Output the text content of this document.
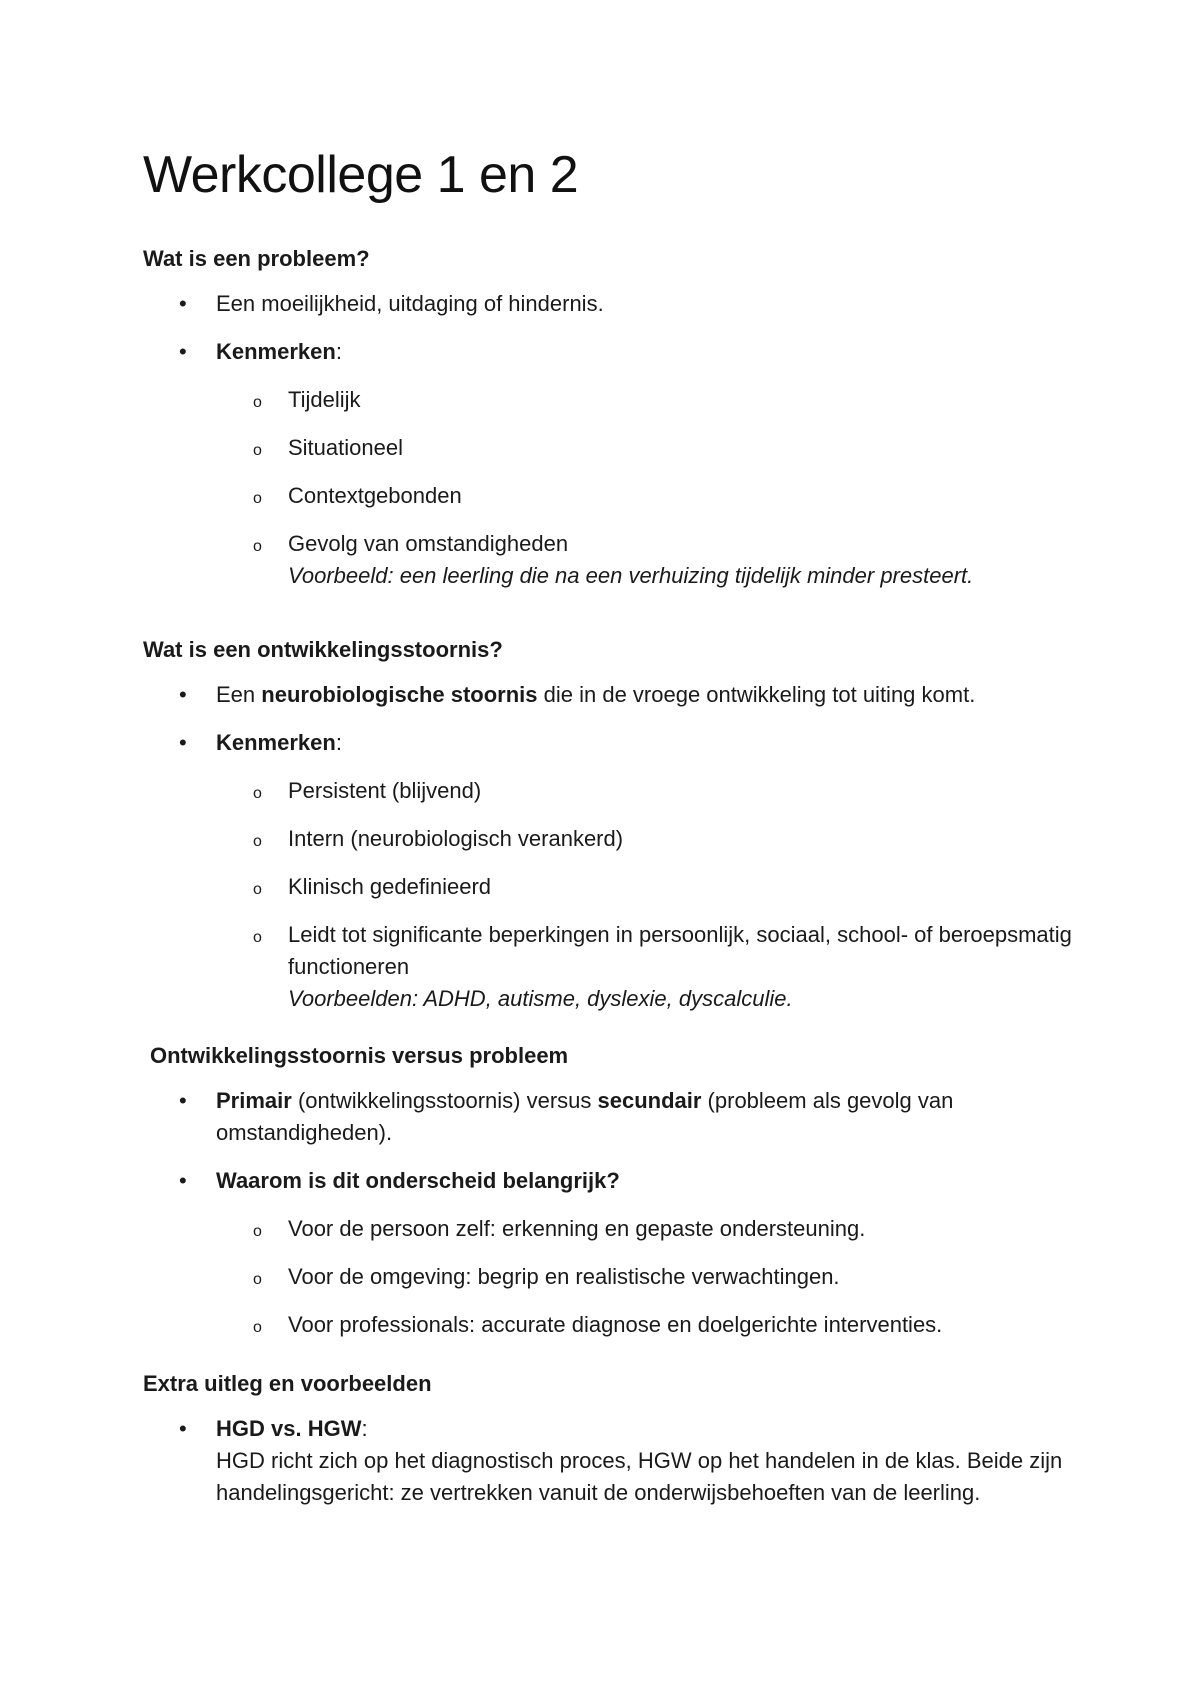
Werkcollege 1 en 2

Wat is een probleem?

• Een moeilijkheid, uitdaging of hindernis.
• Kenmerken:
o Tijdelijk
o Situationeel
o Contextgebonden
o Gevolg van omstandigheden
Voorbeeld: een leerling die na een verhuizing tijdelijk minder presteert.

Wat is een ontwikkelingsstoornis?

• Een neurobiologische stoornis die in de vroege ontwikkeling tot uiting komt.
• Kenmerken:
o Persistent (blijvend)
o Intern (neurobiologisch verankerd)
o Klinisch gedefinieerd
o Leidt tot significante beperkingen in persoonlijk, sociaal, school- of beroepsmatig functioneren
Voorbeelden: ADHD, autisme, dyslexie, dyscalculie.

Ontwikkelingsstoornis versus probleem

• Primair (ontwikkelingsstoornis) versus secundair (probleem als gevolg van omstandigheden).
• Waarom is dit onderscheid belangrijk?
o Voor de persoon zelf: erkenning en gepaste ondersteuning.
o Voor de omgeving: begrip en realistische verwachtingen.
o Voor professionals: accurate diagnose en doelgerichte interventies.

Extra uitleg en voorbeelden

• HGD vs. HGW:
HGD richt zich op het diagnostisch proces, HGW op het handelen in de klas. Beide zijn handelingsgericht: ze vertrekken vanuit de onderwijsbehoeften van de leerling.
